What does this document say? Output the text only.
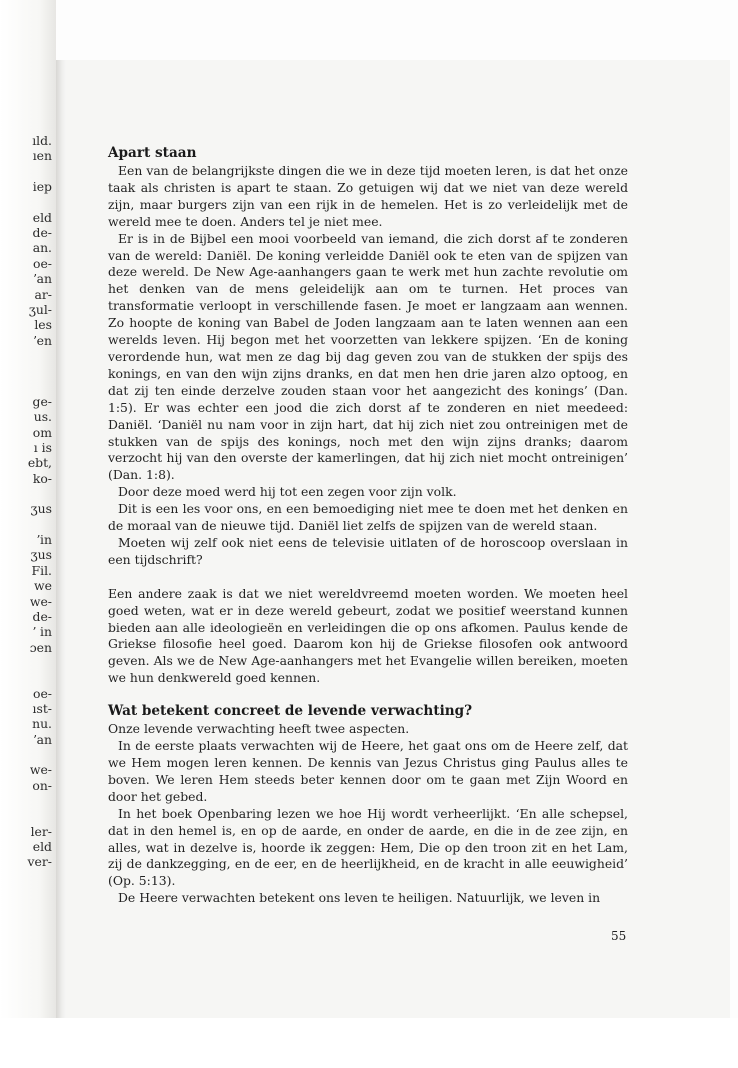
ıld.
ıen
iep
eld
de-
an.
oe-
ʼan
ar-
ʒul-
les
ʼen
ge-
us.
om
ı is
ebt,
ko-
ʒus
ʼin
ʒus
Fil.
we
we-
de-
ʼ in
ɔen
oe-
ıst-
nu.
ʼan
we-
on-
ler-
eld
ver-
Apart staan

Een van de belangrijkste dingen die we in deze tijd moeten leren, is dat het onze taak als christen is apart te staan. Zo getuigen wij dat we niet van deze wereld zijn, maar burgers zijn van een rijk in de hemelen. Het is zo verleidelijk met de wereld mee te doen. Anders tel je niet mee.

Er is in de Bijbel een mooi voorbeeld van iemand, die zich dorst af te zonderen van de wereld: Daniël. De koning verleidde Daniël ook te eten van de spijzen van deze wereld. De New Age-aanhangers gaan te werk met hun zachte revolutie om het denken van de mens geleidelijk aan om te turnen. Het proces van transformatie verloopt in verschillende fasen. Je moet er langzaam aan wennen. Zo hoopte de koning van Babel de Joden langzaam aan te laten wennen aan een werelds leven. Hij begon met het voorzetten van lekkere spijzen. ‘En de koning verordende hun, wat men ze dag bij dag geven zou van de stukken der spijs des konings, en van den wijn zijns dranks, en dat men hen drie jaren alzo optoog, en dat zij ten einde derzelve zouden staan voor het aangezicht des konings’ (Dan. 1:5). Er was echter een jood die zich dorst af te zonderen en niet meedeed: Daniël. ‘Daniël nu nam voor in zijn hart, dat hij zich niet zou ontreinigen met de stukken van de spijs des konings, noch met den wijn zijns dranks; daarom verzocht hij van den overste der kamerlingen, dat hij zich niet mocht ontreinigen’ (Dan. 1:8).

Door deze moed werd hij tot een zegen voor zijn volk.

Dit is een les voor ons, en een bemoediging niet mee te doen met het denken en de moraal van de nieuwe tijd. Daniël liet zelfs de spijzen van de wereld staan.

Moeten wij zelf ook niet eens de televisie uitlaten of de horoscoop overslaan in een tijdschrift?

Een andere zaak is dat we niet wereldvreemd moeten worden. We moeten heel goed weten, wat er in deze wereld gebeurt, zodat we positief weerstand kunnen bieden aan alle ideologieën en verleidingen die op ons afkomen. Paulus kende de Griekse filosofie heel goed. Daarom kon hij de Griekse filosofen ook antwoord geven. Als we de New Age-aanhangers met het Evangelie willen bereiken, moeten we hun denkwereld goed kennen.

Wat betekent concreet de levende verwachting?

Onze levende verwachting heeft twee aspecten.

In de eerste plaats verwachten wij de Heere, het gaat ons om de Heere zelf, dat we Hem mogen leren kennen. De kennis van Jezus Christus ging Paulus alles te boven. We leren Hem steeds beter kennen door om te gaan met Zijn Woord en door het gebed.

In het boek Openbaring lezen we hoe Hij wordt verheerlijkt. ‘En alle schepsel, dat in den hemel is, en op de aarde, en onder de aarde, en die in de zee zijn, en alles, wat in dezelve is, hoorde ik zeggen: Hem, Die op den troon zit en het Lam, zij de dankzegging, en de eer, en de heerlijkheid, en de kracht in alle eeuwigheid’ (Op. 5:13).

De Heere verwachten betekent ons leven te heiligen. Natuurlijk, we leven in

55
